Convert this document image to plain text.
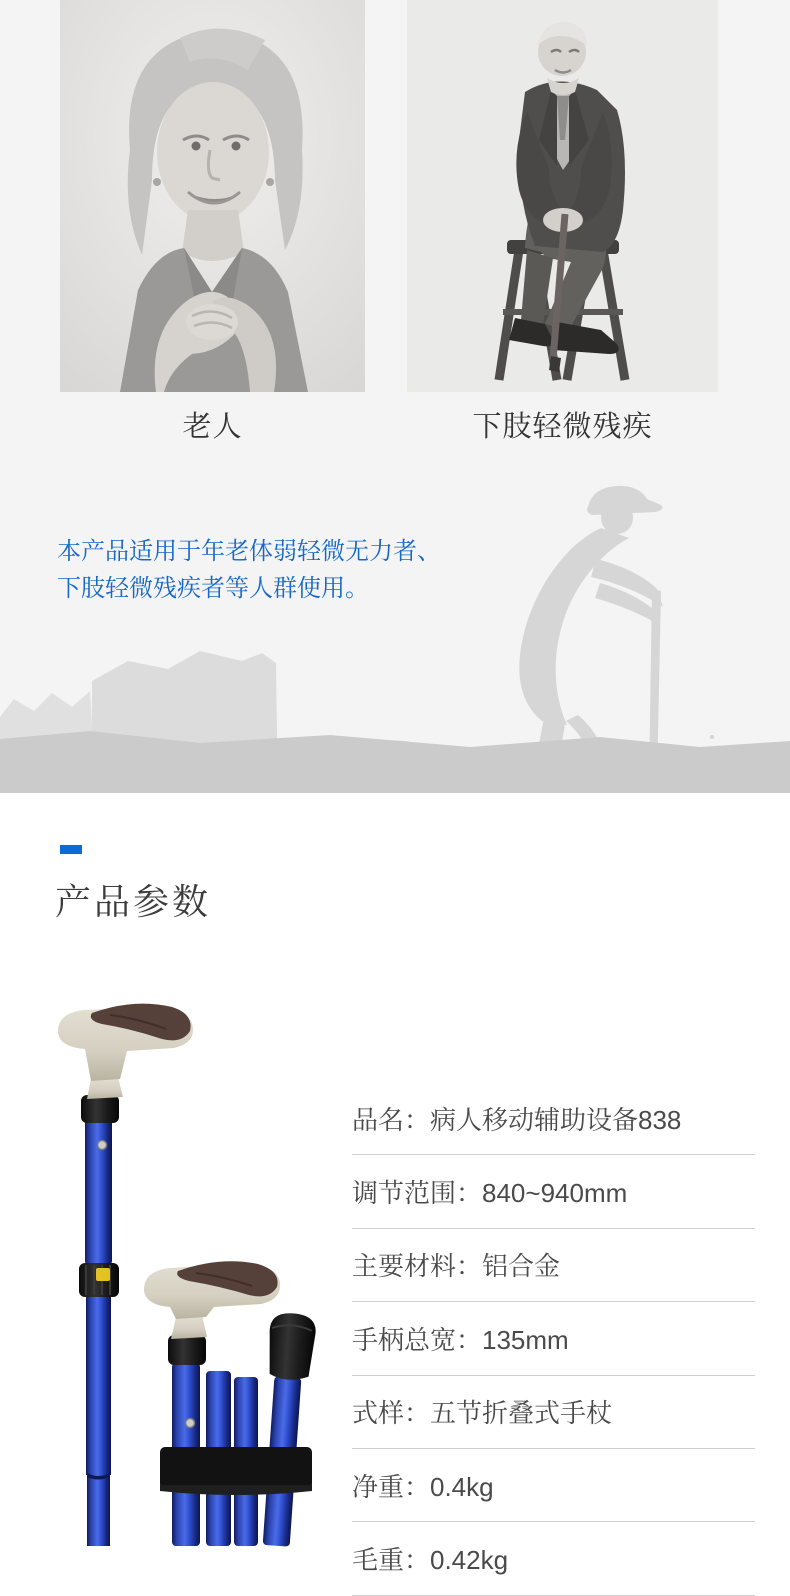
老人	下肢轻微残疾
本产品适用于年老体弱轻微无力者、
下肢轻微残疾者等人群使用。
产品参数
品名：病人移动辅助设备838
调节范围：840~940mm
主要材料：铝合金
手柄总宽：135mm
式样：五节折叠式手杖
净重：0.4kg
毛重：0.42kg
